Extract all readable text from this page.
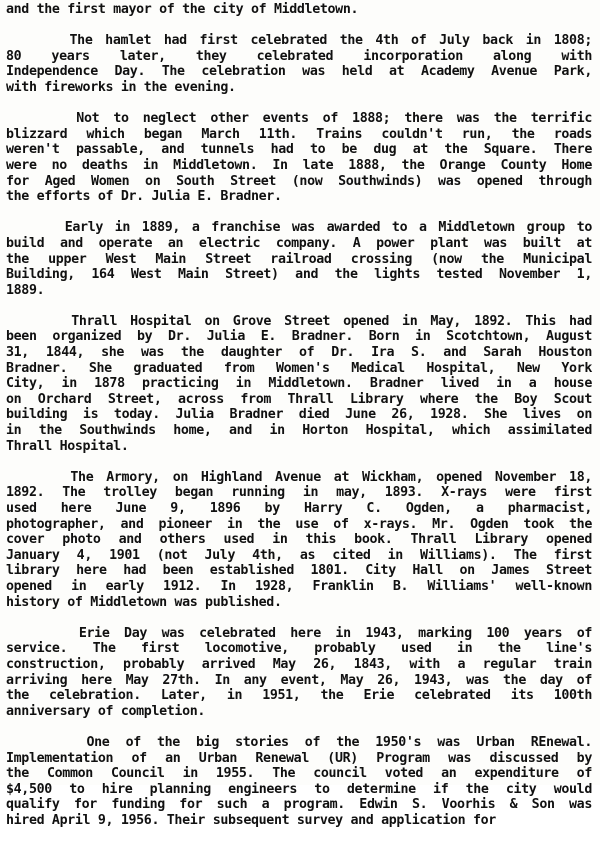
and the first mayor of the city of Middletown.
The hamlet had first celebrated the 4th of July back in 1808;
80 years later, they celebrated incorporation along with
Independence Day. The celebration was held at Academy Avenue Park,
with fireworks in the evening.
Not to neglect other events of 1888; there was the terrific
blizzard which began March 11th. Trains couldn't run, the roads
weren't passable, and tunnels had to be dug at the Square. There
were no deaths in Middletown. In late 1888, the Orange County Home
for Aged Women on South Street (now Southwinds) was opened through
the efforts of Dr. Julia E. Bradner.
Early in 1889, a franchise was awarded to a Middletown group to
build and operate an electric company. A power plant was built at
the upper West Main Street railroad crossing (now the Municipal
Building, 164 West Main Street) and the lights tested November 1,
1889.
Thrall Hospital on Grove Street opened in May, 1892. This had
been organized by Dr. Julia E. Bradner. Born in Scotchtown, August
31, 1844, she was the daughter of Dr. Ira S. and Sarah Houston
Bradner. She graduated from Women's Medical Hospital, New York
City, in 1878 practicing in Middletown. Bradner lived in a house
on Orchard Street, across from Thrall Library where the Boy Scout
building is today. Julia Bradner died June 26, 1928. She lives on
in the Southwinds home, and in Horton Hospital, which assimilated
Thrall Hospital.
The Armory, on Highland Avenue at Wickham, opened November 18,
1892. The trolley began running in may, 1893. X-rays were first
used here June 9, 1896 by Harry C. Ogden, a pharmacist,
photographer, and pioneer in the use of x-rays. Mr. Ogden took the
cover photo and others used in this book. Thrall Library opened
January 4, 1901 (not July 4th, as cited in Williams). The first
library here had been established 1801. City Hall on James Street
opened in early 1912. In 1928, Franklin B. Williams' well-known
history of Middletown was published.
Erie Day was celebrated here in 1943, marking 100 years of
service. The first locomotive, probably used in the line's
construction, probably arrived May 26, 1843, with a regular train
arriving here May 27th. In any event, May 26, 1943, was the day of
the celebration. Later, in 1951, the Erie celebrated its 100th
anniversary of completion.
One of the big stories of the 1950's was Urban REnewal.
Implementation of an Urban Renewal (UR) Program was discussed by
the Common Council in 1955. The council voted an expenditure of
$4,500 to hire planning engineers to determine if the city would
qualify for funding for such a program. Edwin S. Voorhis & Son was
hired April 9, 1956. Their subsequent survey and application for
